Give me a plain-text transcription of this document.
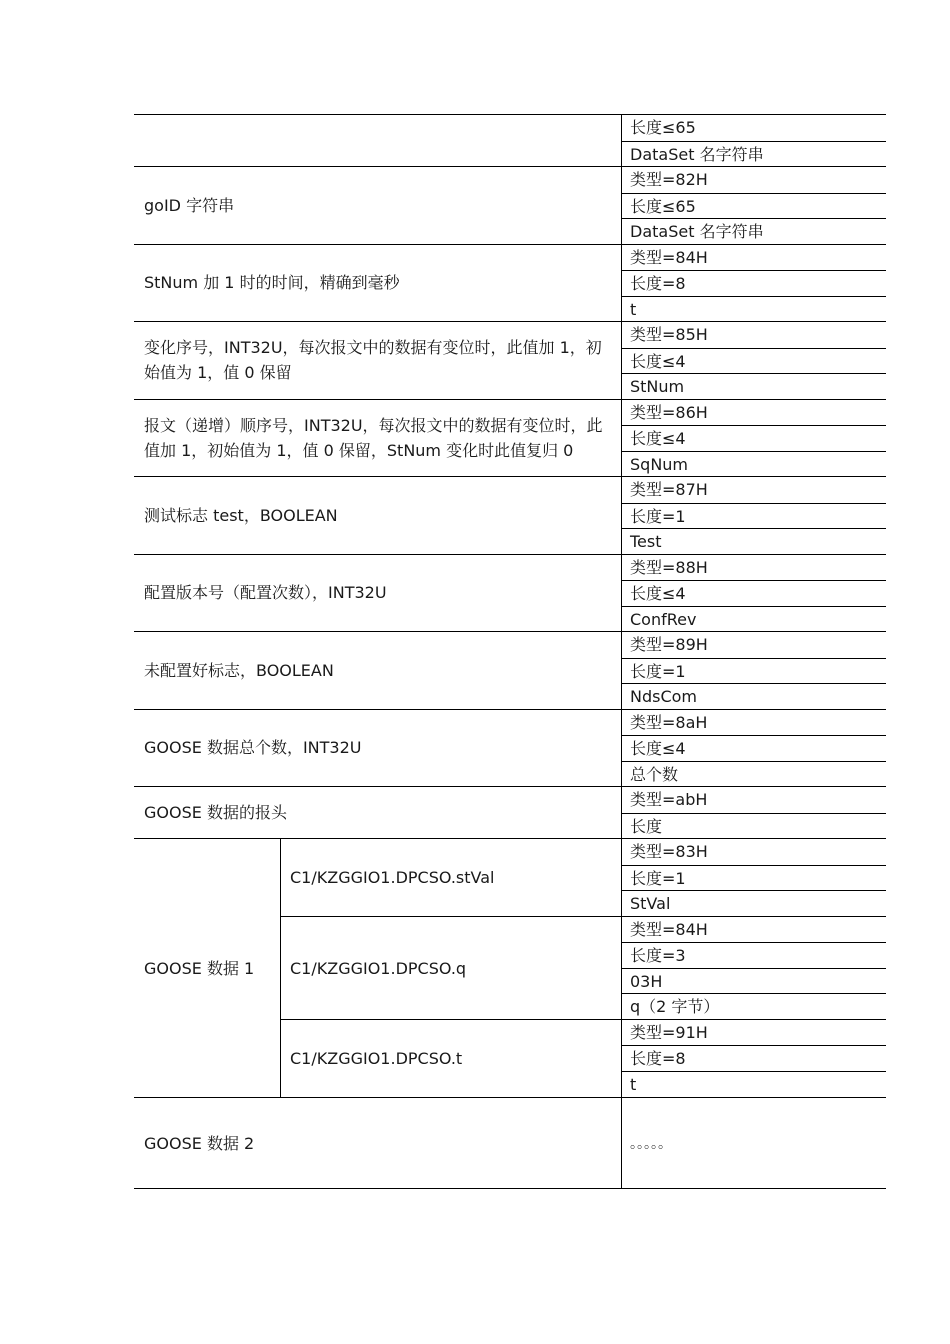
长度≤65
DataSet 名字符串
goID 字符串
类型=82H
长度≤65
DataSet 名字符串
StNum 加 1 时的时间，精确到毫秒
类型=84H
长度=8
t
变化序号，INT32U，每次报文中的数据有变位时，此值加 1，初始值为 1，值 0 保留
类型=85H
长度≤4
StNum
报文（递增）顺序号，INT32U，每次报文中的数据有变位时，此值加 1，初始值为 1，值 0 保留，StNum 变化时此值复归 0
类型=86H
长度≤4
SqNum
测试标志 test，BOOLEAN
类型=87H
长度=1
Test
配置版本号（配置次数），INT32U
类型=88H
长度≤4
ConfRev
未配置好标志，BOOLEAN
类型=89H
长度=1
NdsCom
GOOSE 数据总个数，INT32U
类型=8aH
长度≤4
总个数
GOOSE 数据的报头
类型=abH
长度
GOOSE 数据 1
C1/KZGGIO1.DPCSO.stVal
C1/KZGGIO1.DPCSO.q
C1/KZGGIO1.DPCSO.t
类型=83H
长度=1
StVal
类型=84H
长度=3
03H
q（2 字节）
类型=91H
长度=8
t
GOOSE 数据 2	。。。。。
